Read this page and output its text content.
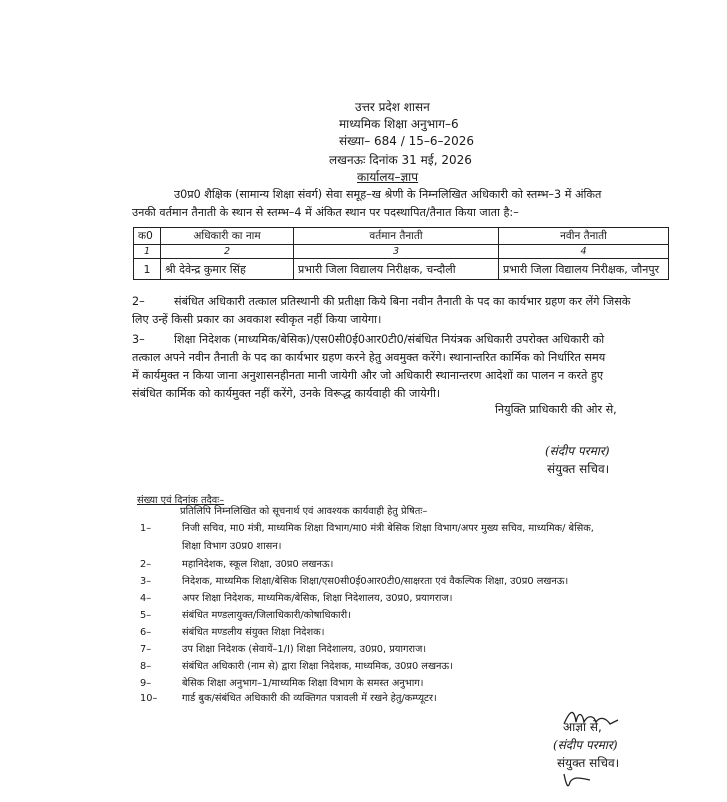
उत्तर प्रदेश शासन
माध्यमिक शिक्षा अनुभाग–6
संख्या– 684 / 15–6–2026
लखनऊः दिनांक 31 मई, 2026
कार्यालय–ज्ञाप
उ0प्र0 शैक्षिक (सामान्य शिक्षा संवर्ग) सेवा समूह–ख श्रेणी के निम्नलिखित अधिकारी को स्तम्भ–3 में अंकित
उनकी वर्तमान तैनाती के स्थान से स्तम्भ–4 में अंकित स्थान पर पदस्थापित/तैनात किया जाता है:–
क0	अधिकारी का नाम	वर्तमान तैनाती	नवीन तैनाती
1	2	3	4
1	श्री देवेन्द्र कुमार सिंह	प्रभारी जिला विद्यालय निरीक्षक, चन्दौली	प्रभारी जिला विद्यालय निरीक्षक, जौनपुर
2–	संबंधित अधिकारी तत्काल प्रतिस्थानी की प्रतीक्षा किये बिना नवीन तैनाती के पद का कार्यभार ग्रहण कर लेंगे जिसके
लिए उन्हें किसी प्रकार का अवकाश स्वीकृत नहीं किया जायेगा।
3–	शिक्षा निदेशक (माध्यमिक/बेसिक)/एस0सी0ई0आर0टी0/संबंधित नियंत्रक अधिकारी उपरोक्त अधिकारी को
तत्काल अपने नवीन तैनाती के पद का कार्यभार ग्रहण करने हेतु अवमुक्त करेंगे। स्थानान्तरित कार्मिक को निर्धारित समय
में कार्यमुक्त न किया जाना अनुशासनहीनता मानी जायेगी और जो अधिकारी स्थानान्तरण आदेशों का पालन न करते हुए
संबंधित कार्मिक को कार्यमुक्त नहीं करेंगे, उनके विरूद्ध कार्यवाही की जायेगी।
नियुक्ति प्राधिकारी की ओर से,
(संदीप परमार)
संयुक्त सचिव।
संख्या एवं दिनांक तदैवः–
प्रतिलिपि निम्नलिखित को सूचनार्थ एवं आवश्यक कार्यवाही हेतु प्रेषितः–
1–	निजी सचिव, मा0 मंत्री, माध्यमिक शिक्षा विभाग/मा0 मंत्री बेसिक शिक्षा विभाग/अपर मुख्य सचिव, माध्यमिक/ बेसिक,
शिक्षा विभाग उ0प्र0 शासन।
2–	महानिदेशक, स्कूल शिक्षा, उ0प्र0 लखनऊ।
3–	निदेशक, माध्यमिक शिक्षा/बेसिक शिक्षा/एस0सी0ई0आर0टी0/साक्षरता एवं वैकल्पिक शिक्षा, उ0प्र0 लखनऊ।
4–	अपर शिक्षा निदेशक, माध्यमिक/बेसिक, शिक्षा निदेशालय, उ0प्र0, प्रयागराज।
5–	संबंधित मण्डलायुक्त/जिलाधिकारी/कोषाधिकारी।
6–	संबंधित मण्डलीय संयुक्त शिक्षा निदेशक।
7–	उप शिक्षा निदेशक (सेवायें–1/I) शिक्षा निदेशालय, उ0प्र0, प्रयागराज।
8–	संबंधित अधिकारी (नाम से) द्वारा शिक्षा निदेशक, माध्यमिक, उ0प्र0 लखनऊ।
9–	बेसिक शिक्षा अनुभाग–1/माध्यमिक शिक्षा विभाग के समस्त अनुभाग।
10–	गार्ड बुक/संबंधित अधिकारी की व्यक्तिगत पत्रावली में रखने हेतु/कम्प्यूटर।
आज्ञा से,
(संदीप परमार)
संयुक्त सचिव।
